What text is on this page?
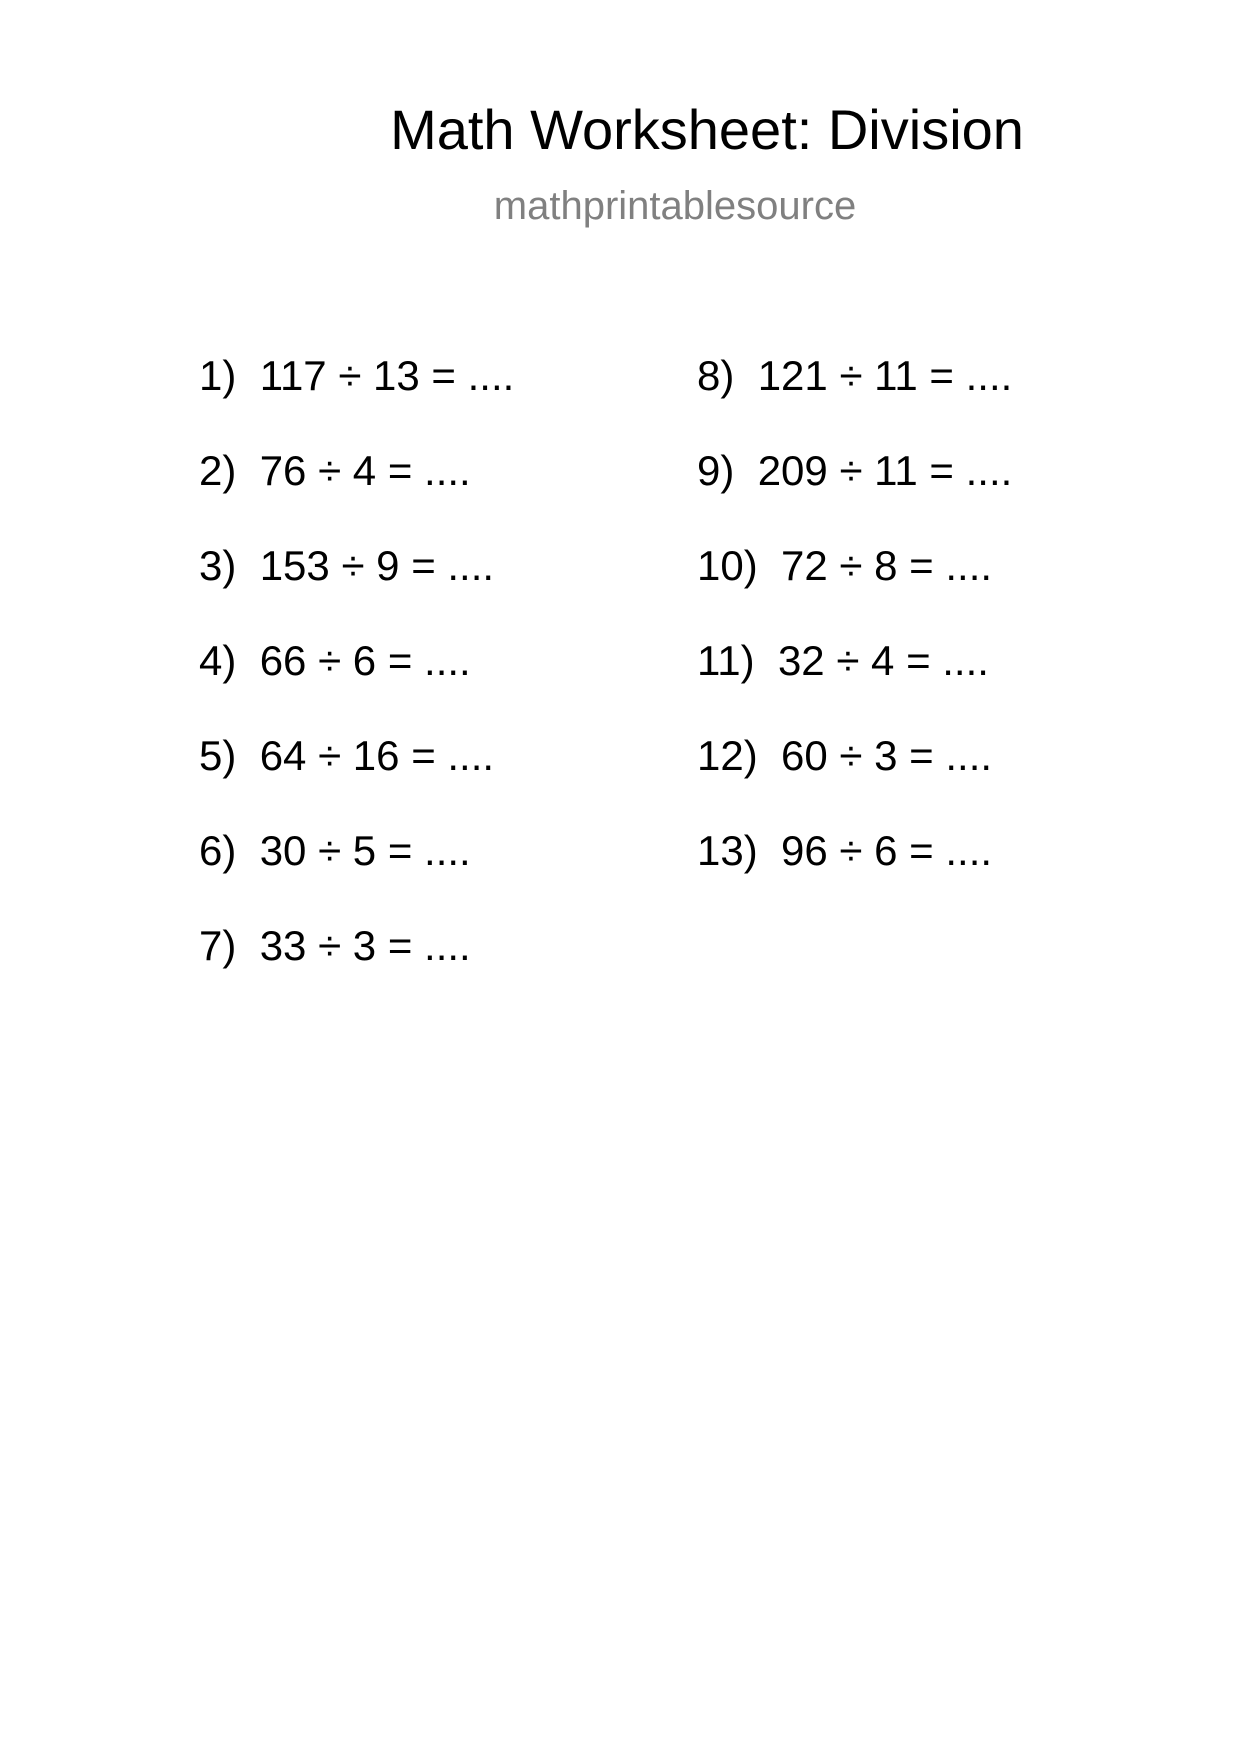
Math Worksheet: Division
mathprintablesource
1) 117 ÷ 13 = ....
2) 76 ÷ 4 = ....
3) 153 ÷ 9 = ....
4) 66 ÷ 6 = ....
5) 64 ÷ 16 = ....
6) 30 ÷ 5 = ....
7) 33 ÷ 3 = ....
8) 121 ÷ 11 = ....
9) 209 ÷ 11 = ....
10) 72 ÷ 8 = ....
11) 32 ÷ 4 = ....
12) 60 ÷ 3 = ....
13) 96 ÷ 6 = ....
